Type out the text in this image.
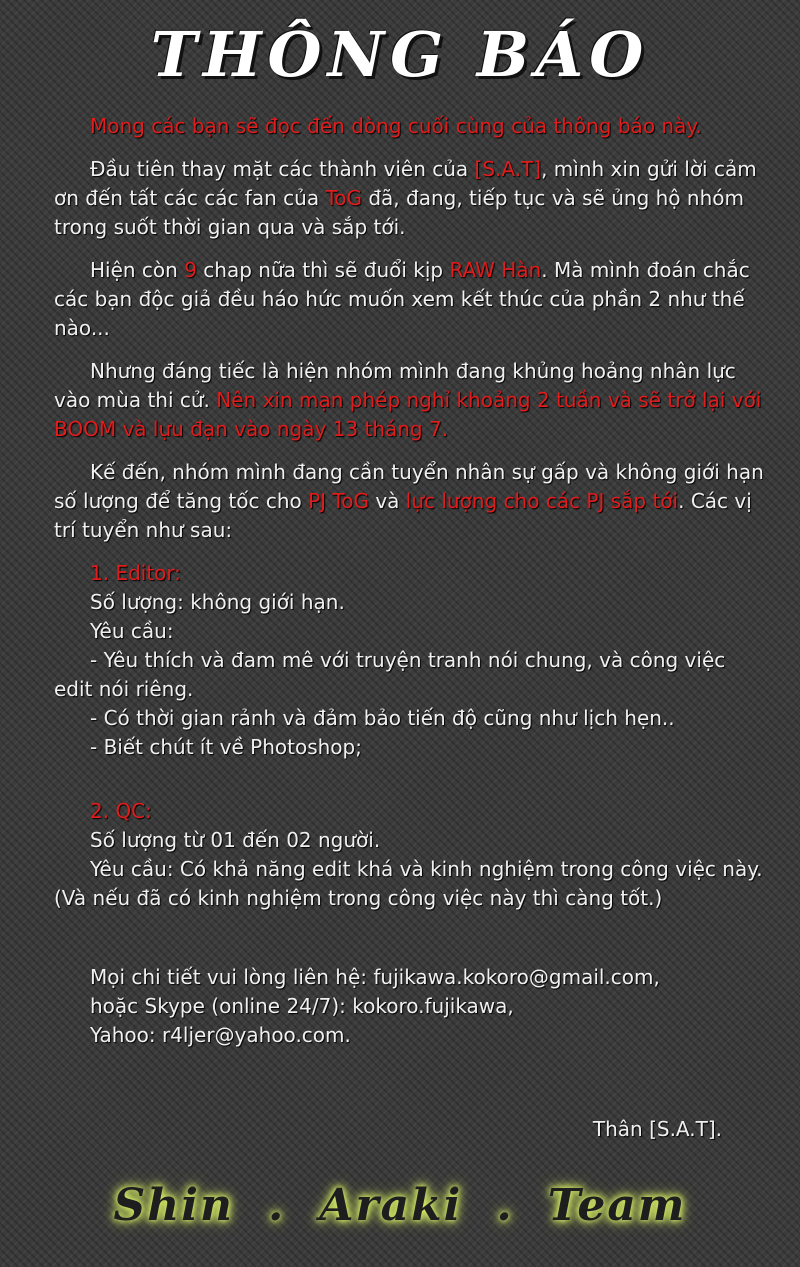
THÔNG BÁO

Mong các bạn sẽ đọc đến dòng cuối cùng của thông báo này.

Đầu tiên thay mặt các thành viên của [S.A.T], mình xin gửi lời cảm ơn đến tất các các fan của ToG đã, đang, tiếp tục và sẽ ủng hộ nhóm trong suốt thời gian qua và sắp tới.

Hiện còn 9 chap nữa thì sẽ đuổi kịp RAW Hàn. Mà mình đoán chắc các bạn độc giả đều háo hức muốn xem kết thúc của phần 2 như thế nào...

Nhưng đáng tiếc là hiện nhóm mình đang khủng hoảng nhân lực vào mùa thi cử. Nên xin mạn phép nghỉ khoảng 2 tuần và sẽ trở lại với BOOM và lựu đạn vào ngày 13 tháng 7.

Kế đến, nhóm mình đang cần tuyển nhân sự gấp và không giới hạn số lượng để tăng tốc cho PJ ToG và lực lượng cho các PJ sắp tới. Các vị trí tuyển như sau:

1. Editor:
Số lượng: không giới hạn.
Yêu cầu:
- Yêu thích và đam mê với truyện tranh nói chung, và công việc edit nói riêng.
- Có thời gian rảnh và đảm bảo tiến độ cũng như lịch hẹn..
- Biết chút ít về Photoshop;
2. QC:
Số lượng từ 01 đến 02 người.
Yêu cầu: Có khả năng edit khá và kinh nghiệm trong công việc này. (Và nếu đã có kinh nghiệm trong công việc này thì càng tốt.)
Mọi chi tiết vui lòng liên hệ: fujikawa.kokoro@gmail.com,
hoặc Skype (online 24/7): kokoro.fujikawa,
Yahoo: r4ljer@yahoo.com.
Thân [S.A.T].
Shin . Araki . Team
